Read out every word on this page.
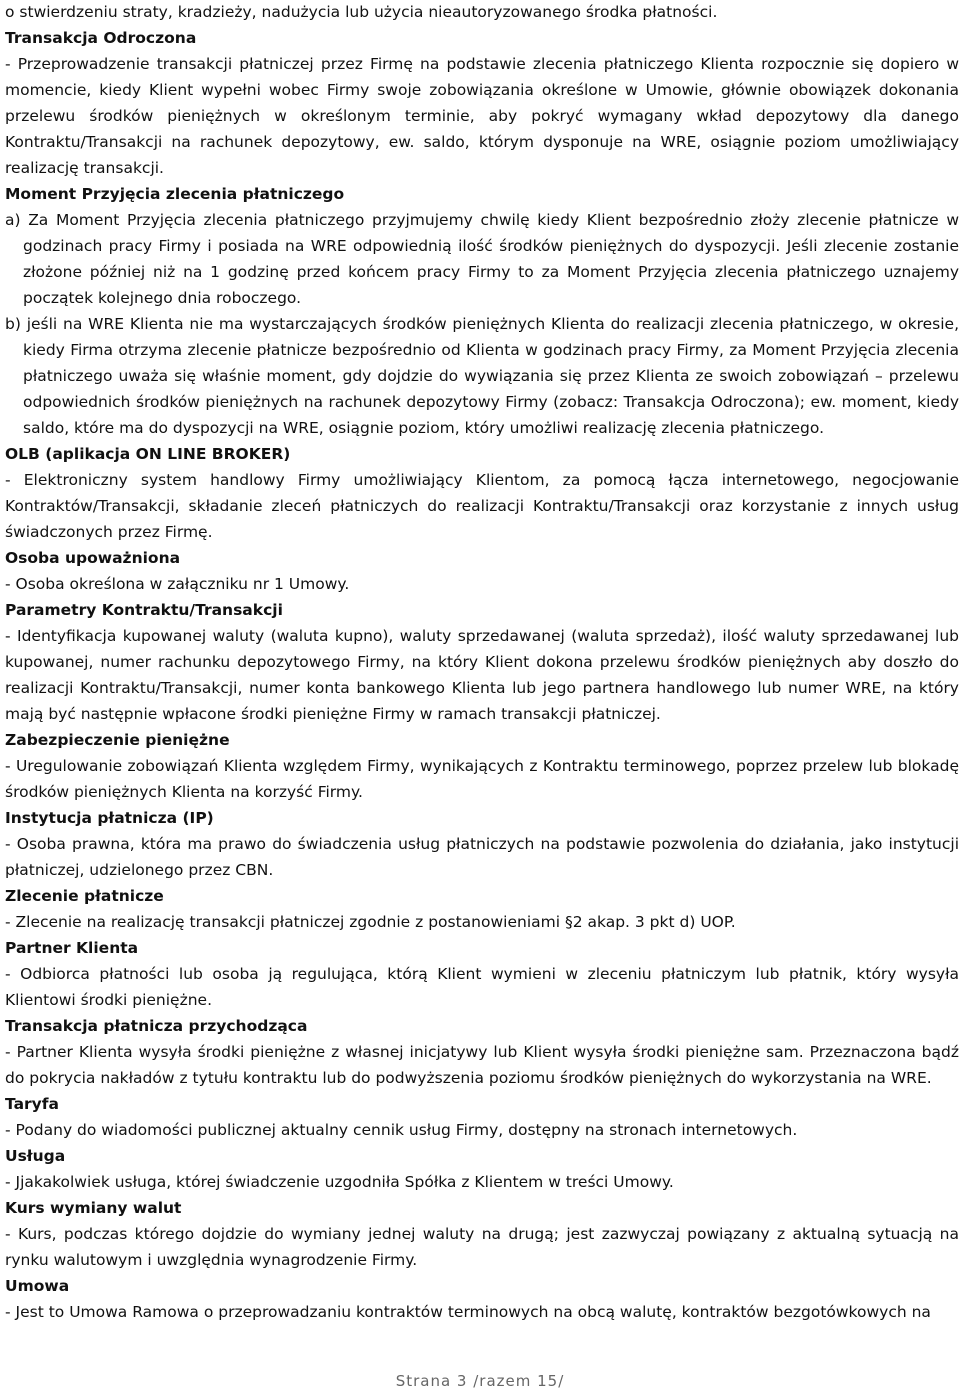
o stwierdzeniu straty, kradzieży, nadużycia lub użycia nieautoryzowanego środka płatności.

Transakcja Odroczona

- Przeprowadzenie transakcji płatniczej przez Firmę na podstawie zlecenia płatniczego Klienta rozpocznie się dopiero w momencie, kiedy Klient wypełni wobec Firmy swoje zobowiązania określone w Umowie, głównie obowiązek dokonania przelewu środków pieniężnych w określonym terminie, aby pokryć wymagany wkład depozytowy dla danego Kontraktu/Transakcji na rachunek depozytowy, ew. saldo, którym dysponuje na WRE, osiągnie poziom umożliwiający realizację transakcji.

Moment Przyjęcia zlecenia płatniczego

a) Za Moment Przyjęcia zlecenia płatniczego przyjmujemy chwilę kiedy Klient bezpośrednio złoży zlecenie płatnicze w godzinach pracy Firmy i posiada na WRE odpowiednią ilość środków pieniężnych do dyspozycji. Jeśli zlecenie zostanie złożone później niż na 1 godzinę przed końcem pracy Firmy to za Moment Przyjęcia zlecenia płatniczego uznajemy początek kolejnego dnia roboczego.

b) jeśli na WRE Klienta nie ma wystarczających środków pieniężnych Klienta do realizacji zlecenia płatniczego, w okresie, kiedy Firma otrzyma zlecenie płatnicze bezpośrednio od Klienta w godzinach pracy Firmy, za Moment Przyjęcia zlecenia płatniczego uważa się właśnie moment, gdy dojdzie do wywiązania się przez Klienta ze swoich zobowiązań – przelewu odpowiednich środków pieniężnych na rachunek depozytowy Firmy (zobacz: Transakcja Odroczona); ew. moment, kiedy saldo, które ma do dyspozycji na WRE, osiągnie poziom, który umożliwi realizację zlecenia płatniczego.

OLB (aplikacja ON LINE BROKER)

- Elektroniczny system handlowy Firmy umożliwiający Klientom, za pomocą łącza internetowego, negocjowanie Kontraktów/Transakcji, składanie zleceń płatniczych do realizacji Kontraktu/Transakcji oraz korzystanie z innych usług świadczonych przez Firmę.

Osoba upoważniona

- Osoba określona w załączniku nr 1 Umowy.

Parametry Kontraktu/Transakcji

- Identyfikacja kupowanej waluty (waluta kupno), waluty sprzedawanej (waluta sprzedaż), ilość waluty sprzedawanej lub kupowanej, numer rachunku depozytowego Firmy, na który Klient dokona przelewu środków pieniężnych aby doszło do realizacji Kontraktu/Transakcji, numer konta bankowego Klienta lub jego partnera handlowego lub numer WRE, na który mają być następnie wpłacone środki pieniężne Firmy w ramach transakcji płatniczej.

Zabezpieczenie pieniężne

- Uregulowanie zobowiązań Klienta względem Firmy, wynikających z Kontraktu terminowego, poprzez przelew lub blokadę środków pieniężnych Klienta na korzyść Firmy.

Instytucja płatnicza (IP)

- Osoba prawna, która ma prawo do świadczenia usług płatniczych na podstawie pozwolenia do działania, jako instytucji płatniczej, udzielonego przez CBN.

Zlecenie płatnicze

- Zlecenie na realizację transakcji płatniczej zgodnie z postanowieniami §2 akap. 3 pkt d) UOP.

Partner Klienta

- Odbiorca płatności lub osoba ją regulująca, którą Klient wymieni w zleceniu płatniczym lub płatnik, który wysyła Klientowi środki pieniężne.

Transakcja płatnicza przychodząca

- Partner Klienta wysyła środki pieniężne z własnej inicjatywy lub Klient wysyła środki pieniężne sam. Przeznaczona bądź do pokrycia nakładów z tytułu kontraktu lub do podwyższenia poziomu środków pieniężnych do wykorzystania na WRE.

Taryfa

- Podany do wiadomości publicznej aktualny cennik usług Firmy, dostępny na stronach internetowych.

Usługa

- Jjakakolwiek usługa, której świadczenie uzgodniła Spółka z Klientem w treści Umowy.

Kurs wymiany walut

- Kurs, podczas którego dojdzie do wymiany jednej waluty na drugą; jest zazwyczaj powiązany z aktualną sytuacją na rynku walutowym i uwzględnia wynagrodzenie Firmy.

Umowa

- Jest to Umowa Ramowa o przeprowadzaniu kontraktów terminowych na obcą walutę, kontraktów bezgotówkowych na

Strana 3 /razem 15/
